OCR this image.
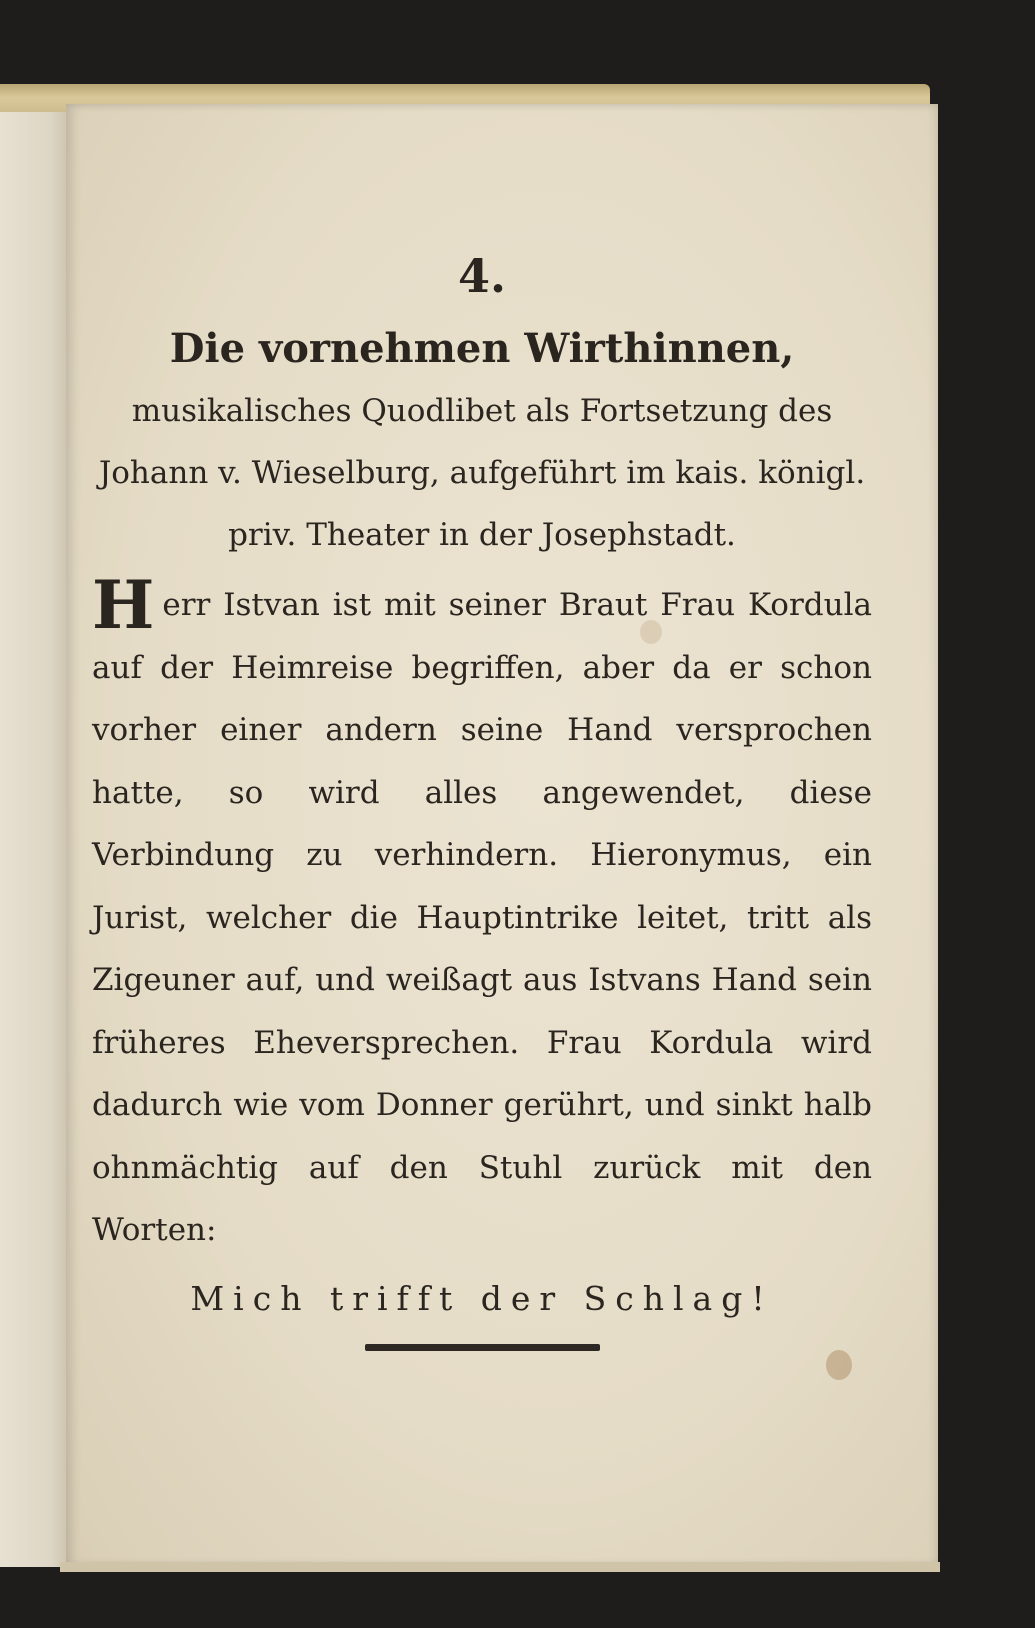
4.
Die vornehmen Wirthinnen,
musikalisches Quodlibet als Fortsetzung des Johann v. Wieselburg, aufgeführt im kais. königl. priv. Theater in der Josephstadt.
H err Istvan ist mit seiner Braut Frau Kordula auf der Heimreise begriffen, aber da er schon vorher einer andern seine Hand versprochen hatte, so wird alles angewendet, diese Verbindung zu verhindern. Hieronymus, ein Jurist, welcher die Hauptintrike leitet, tritt als Zigeuner auf, und weißagt aus Istvans Hand sein früheres Eheversprechen. Frau Kordula wird dadurch wie vom Donner gerührt, und sinkt halb ohnmächtig auf den Stuhl zurück mit den Worten:
Mich trifft der Schlag!
